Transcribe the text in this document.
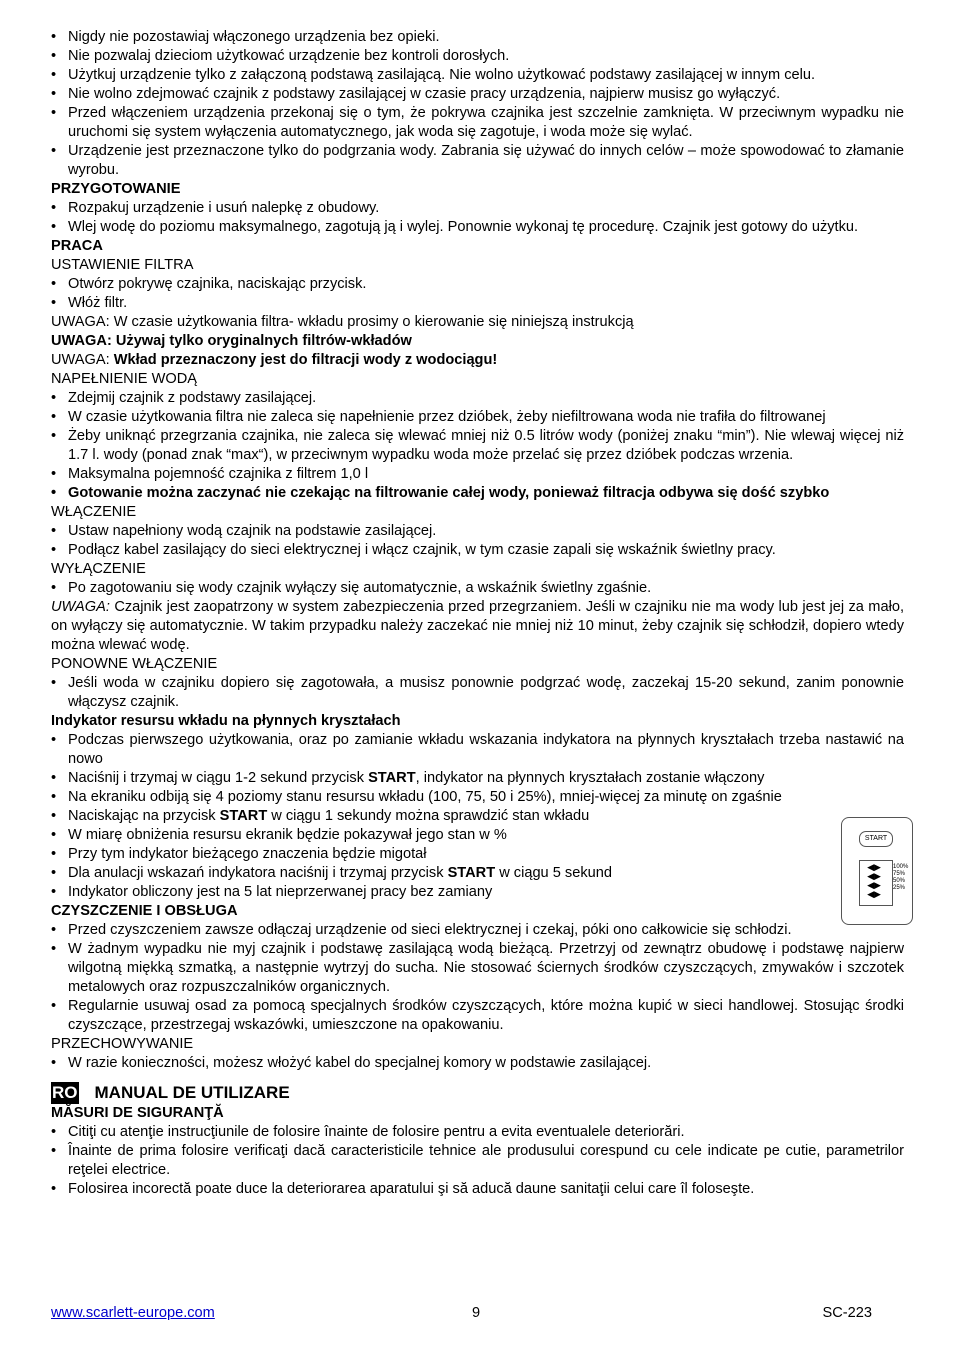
• Nigdy nie pozostawiaj włączonego urządzenia bez opieki.

• Nie pozwalaj dzieciom użytkować urządzenie bez kontroli dorosłych.

• Użytkuj urządzenie tylko z załączoną podstawą zasilającą. Nie wolno użytkować podstawy zasilającej w innym celu.

• Nie wolno zdejmować czajnik z podstawy zasilającej w czasie pracy urządzenia, najpierw musisz go wyłączyć.

• Przed włączeniem urządzenia przekonaj się o tym, że pokrywa czajnika jest szczelnie zamknięta. W przeciwnym wypadku nie uruchomi się system wyłączenia automatycznego, jak woda się zagotuje, i woda może się wylać.

• Urządzenie jest przeznaczone tylko do podgrzania wody. Zabrania się używać do innych celów – może spowodować to złamanie wyrobu.

PRZYGOTOWANIE

• Rozpakuj urządzenie i usuń nalepkę z obudowy.

• Wlej wodę do poziomu maksymalnego, zagotują ją i wylej. Ponownie wykonaj tę procedurę. Czajnik jest gotowy do użytku.

PRACA

USTAWIENIE FILTRA

• Otwórz pokrywę czajnika, naciskając przycisk.

• Włóż filtr.

UWAGA: W czasie użytkowania filtra- wkładu prosimy o kierowanie się niniejszą instrukcją

UWAGA: Używaj tylko oryginalnych filtrów-wkładów

UWAGA: Wkład przeznaczony jest do filtracji wody z wodociągu!

NAPEŁNIENIE WODĄ

• Zdejmij czajnik z podstawy zasilającej.

• W czasie użytkowania filtra nie zaleca się napełnienie przez dzióbek, żeby niefiltrowana woda nie trafiła do filtrowanej

• Żeby uniknąć przegrzania czajnika, nie zaleca się wlewać mniej niż 0.5 litrów wody (poniżej znaku “min”). Nie wlewaj więcej niż 1.7 l. wody (ponad znak “max“), w przeciwnym wypadku woda może przelać się przez dzióbek podczas wrzenia.

• Maksymalna pojemność czajnika z filtrem 1,0 l

• Gotowanie można zaczynać nie czekając na filtrowanie całej wody, ponieważ filtracja odbywa się dość szybko

WŁĄCZENIE

• Ustaw napełniony wodą czajnik na podstawie zasilającej.

• Podłącz kabel zasilający do sieci elektrycznej i włącz czajnik, w tym czasie zapali się wskaźnik świetlny pracy.

WYŁĄCZENIE

• Po zagotowaniu się wody czajnik wyłączy się automatycznie, a wskaźnik świetlny zgaśnie.

UWAGA: Czajnik jest zaopatrzony w system zabezpieczenia przed przegrzaniem. Jeśli w czajniku nie ma wody lub jest jej za mało, on wyłączy się automatycznie. W takim przypadku należy zaczekać nie mniej niż 10 minut, żeby czajnik się schłodził, dopiero wtedy można wlewać wodę.

PONOWNE WŁĄCZENIE

• Jeśli woda w czajniku dopiero się zagotowała, a musisz ponownie podgrzać wodę, zaczekaj 15-20 sekund, zanim ponownie włączysz czajnik.

Indykator resursu wkładu na płynnych kryształach

• Podczas pierwszego użytkowania, oraz po zamianie wkładu wskazania indykatora na płynnych kryształach trzeba nastawić na nowo

• Naciśnij i trzymaj w ciągu 1-2 sekund przycisk START, indykator na płynnych kryształach zostanie włączony

• Na ekraniku odbiją się 4 poziomy stanu resursu wkładu (100, 75, 50 i 25%), mniej-więcej za minutę on zgaśnie

• Naciskając na przycisk START w ciągu 1 sekundy można sprawdzić stan wkładu

• W miarę obniżenia resursu ekranik będzie pokazywał jego stan w %

• Przy tym indykator bieżącego znaczenia będzie migotał

• Dla anulacji wskazań indykatora naciśnij i trzymaj przycisk START w ciągu 5 sekund

• Indykator obliczony jest na 5 lat nieprzerwanej pracy bez zamiany

CZYSZCZENIE I OBSŁUGA

• Przed czyszczeniem zawsze odłączaj urządzenie od sieci elektrycznej i czekaj, póki ono całkowicie się schłodzi.

• W żadnym wypadku nie myj czajnik i podstawę zasilającą wodą bieżącą. Przetrzyj od zewnątrz obudowę i podstawę najpierw wilgotną miękką szmatką, a następnie wytrzyj do sucha. Nie stosować ściernych środków czyszczących, zmywaków i szczotek metalowych oraz rozpuszczalników organicznych.

• Regularnie usuwaj osad za pomocą specjalnych środków czyszczących, które można kupić w sieci handlowej. Stosując środki czyszczące, przestrzegaj wskazówki, umieszczone na opakowaniu.

PRZECHOWYWANIE

• W razie konieczności, możesz włożyć kabel do specjalnej komory w podstawie zasilającej.

RO MANUAL DE UTILIZARE

MĂSURI DE SIGURANŢĂ

• Citiţi cu atenţie instrucţiunile de folosire înainte de folosire pentru a evita eventualele deteriorări.

• Înainte de prima folosire verificaţi dacă caracteristicile tehnice ale produsului corespund cu cele indicate pe cutie, parametrilor reţelei electrice.

• Folosirea incorectă poate duce la deteriorarea aparatului şi să aducă daune sanitaţii celui care îl foloseşte.

START
◀▶
◀▶
◀▶
◀▶
100%
75%
50%
25%
www.scarlett-europe.com	9	SC-223
